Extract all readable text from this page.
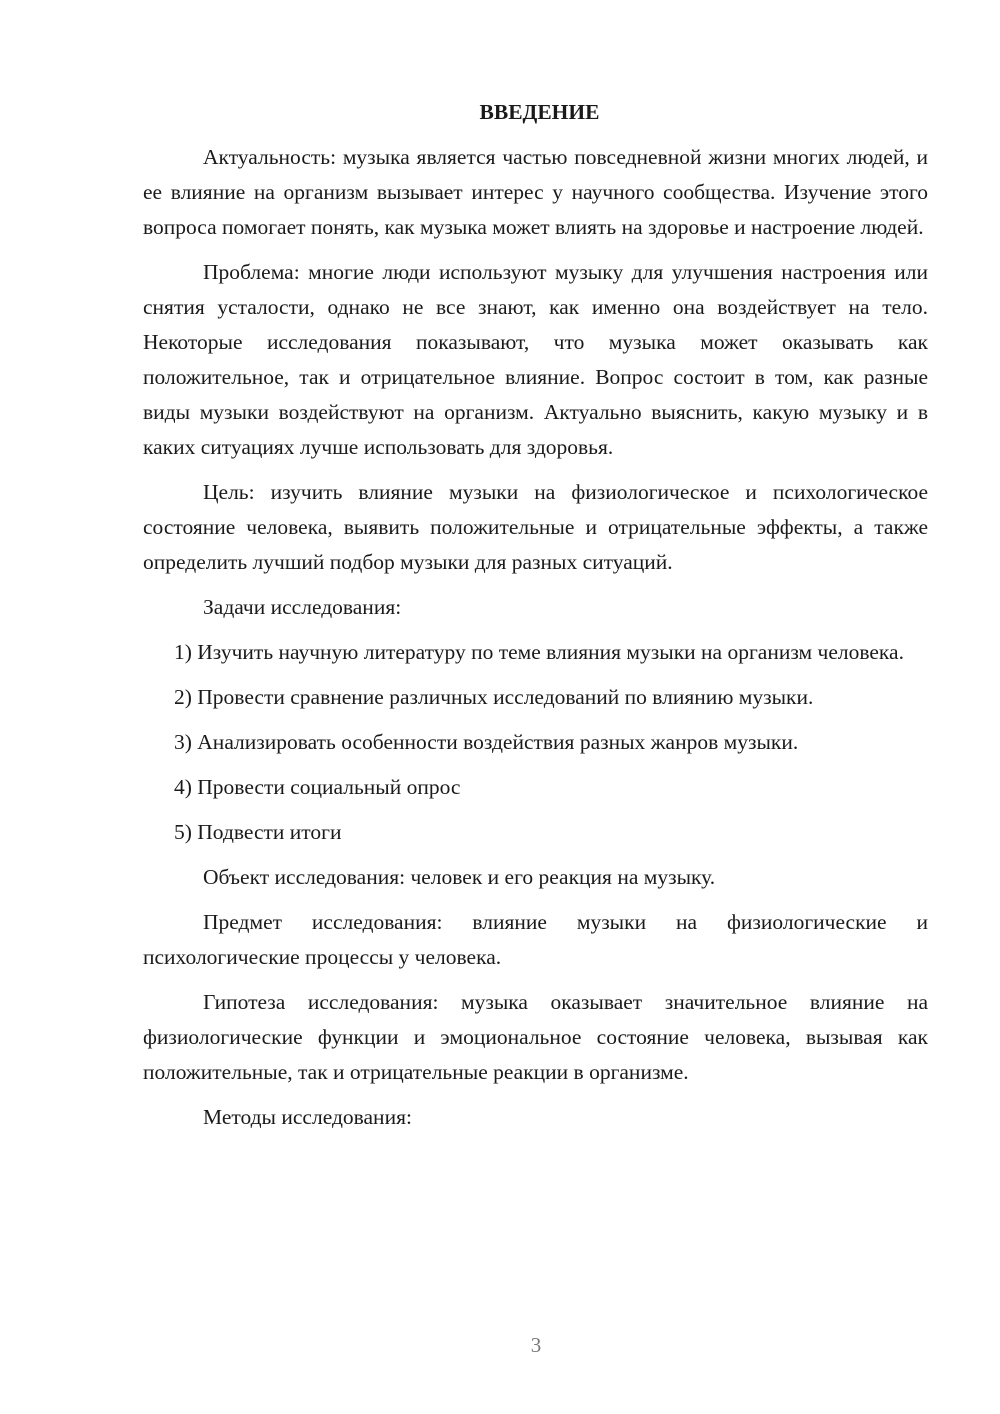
ВВЕДЕНИЕ

Актуальность: музыка является частью повседневной жизни многих людей, и ее влияние на организм вызывает интерес у научного сообщества. Изучение этого вопроса помогает понять, как музыка может влиять на здоровье и настроение людей.

Проблема: многие люди используют музыку для улучшения настроения или снятия усталости, однако не все знают, как именно она воздействует на тело. Некоторые исследования показывают, что музыка может оказывать как положительное, так и отрицательное влияние. Вопрос состоит в том, как разные виды музыки воздействуют на организм. Актуально выяснить, какую музыку и в каких ситуациях лучше использовать для здоровья.

Цель: изучить влияние музыки на физиологическое и психологическое состояние человека, выявить положительные и отрицательные эффекты, а также определить лучший подбор музыки для разных ситуаций.

Задачи исследования:

1) Изучить научную литературу по теме влияния музыки на организм человека.

2) Провести сравнение различных исследований по влиянию музыки.

3) Анализировать особенности воздействия разных жанров музыки.

4) Провести социальный опрос

5) Подвести итоги

Объект исследования: человек и его реакция на музыку.

Предмет исследования: влияние музыки на физиологические и психологические процессы у человека.

Гипотеза исследования: музыка оказывает значительное влияние на физиологические функции и эмоциональное состояние человека, вызывая как положительные, так и отрицательные реакции в организме.

Методы исследования:

3
